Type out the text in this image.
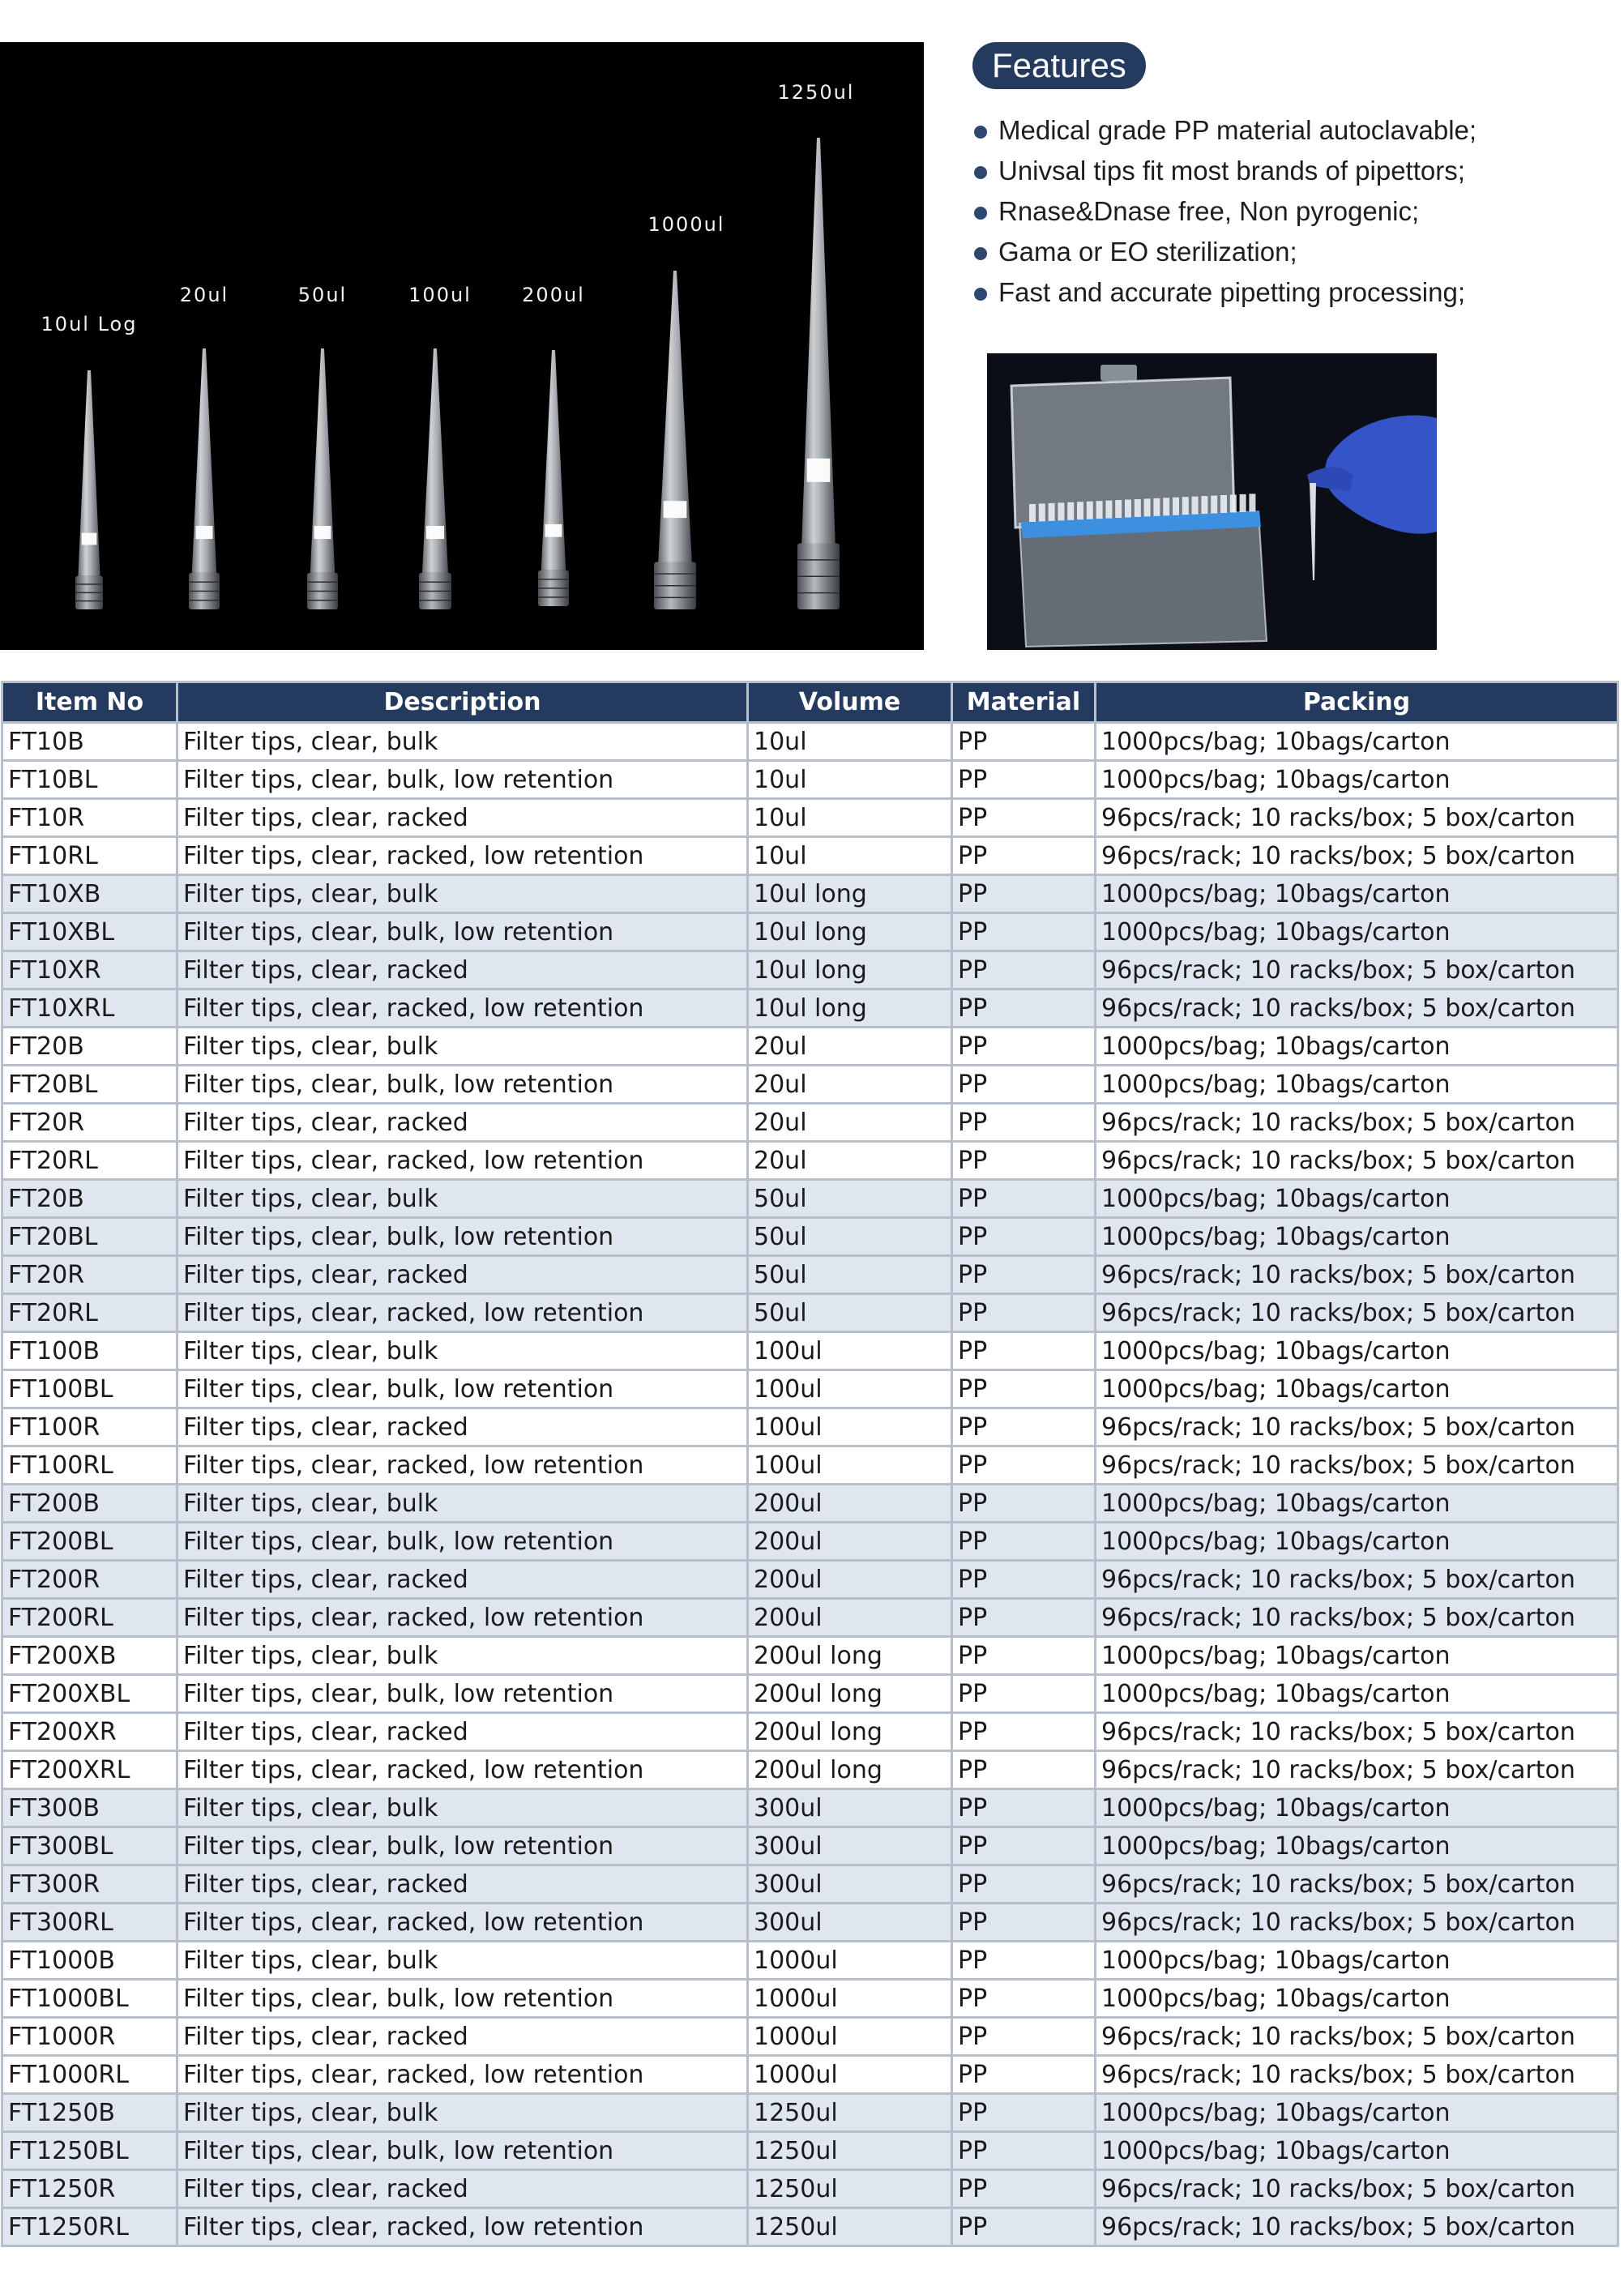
10ul Log
20ul	50ul	100ul	200ul
1000ul
1250ul
Features
Medical grade PP material autoclavable;
Univsal tips fit most brands of pipettors;
Rnase&Dnase free, Non pyrogenic;
Gama or EO sterilization;
Fast and accurate pipetting processing;
Item No	Description	Volume	Material	Packing
FT10B	Filter tips, clear, bulk	10ul	PP	1000pcs/bag; 10bags/carton
FT10BL	Filter tips, clear, bulk, low retention	10ul	PP	1000pcs/bag; 10bags/carton
FT10R	Filter tips, clear, racked	10ul	PP	96pcs/rack; 10 racks/box; 5 box/carton
FT10RL	Filter tips, clear, racked, low retention	10ul	PP	96pcs/rack; 10 racks/box; 5 box/carton
FT10XB	Filter tips, clear, bulk	10ul long	PP	1000pcs/bag; 10bags/carton
FT10XBL	Filter tips, clear, bulk, low retention	10ul long	PP	1000pcs/bag; 10bags/carton
FT10XR	Filter tips, clear, racked	10ul long	PP	96pcs/rack; 10 racks/box; 5 box/carton
FT10XRL	Filter tips, clear, racked, low retention	10ul long	PP	96pcs/rack; 10 racks/box; 5 box/carton
FT20B	Filter tips, clear, bulk	20ul	PP	1000pcs/bag; 10bags/carton
FT20BL	Filter tips, clear, bulk, low retention	20ul	PP	1000pcs/bag; 10bags/carton
FT20R	Filter tips, clear, racked	20ul	PP	96pcs/rack; 10 racks/box; 5 box/carton
FT20RL	Filter tips, clear, racked, low retention	20ul	PP	96pcs/rack; 10 racks/box; 5 box/carton
FT20B	Filter tips, clear, bulk	50ul	PP	1000pcs/bag; 10bags/carton
FT20BL	Filter tips, clear, bulk, low retention	50ul	PP	1000pcs/bag; 10bags/carton
FT20R	Filter tips, clear, racked	50ul	PP	96pcs/rack; 10 racks/box; 5 box/carton
FT20RL	Filter tips, clear, racked, low retention	50ul	PP	96pcs/rack; 10 racks/box; 5 box/carton
FT100B	Filter tips, clear, bulk	100ul	PP	1000pcs/bag; 10bags/carton
FT100BL	Filter tips, clear, bulk, low retention	100ul	PP	1000pcs/bag; 10bags/carton
FT100R	Filter tips, clear, racked	100ul	PP	96pcs/rack; 10 racks/box; 5 box/carton
FT100RL	Filter tips, clear, racked, low retention	100ul	PP	96pcs/rack; 10 racks/box; 5 box/carton
FT200B	Filter tips, clear, bulk	200ul	PP	1000pcs/bag; 10bags/carton
FT200BL	Filter tips, clear, bulk, low retention	200ul	PP	1000pcs/bag; 10bags/carton
FT200R	Filter tips, clear, racked	200ul	PP	96pcs/rack; 10 racks/box; 5 box/carton
FT200RL	Filter tips, clear, racked, low retention	200ul	PP	96pcs/rack; 10 racks/box; 5 box/carton
FT200XB	Filter tips, clear, bulk	200ul long	PP	1000pcs/bag; 10bags/carton
FT200XBL	Filter tips, clear, bulk, low retention	200ul long	PP	1000pcs/bag; 10bags/carton
FT200XR	Filter tips, clear, racked	200ul long	PP	96pcs/rack; 10 racks/box; 5 box/carton
FT200XRL	Filter tips, clear, racked, low retention	200ul long	PP	96pcs/rack; 10 racks/box; 5 box/carton
FT300B	Filter tips, clear, bulk	300ul	PP	1000pcs/bag; 10bags/carton
FT300BL	Filter tips, clear, bulk, low retention	300ul	PP	1000pcs/bag; 10bags/carton
FT300R	Filter tips, clear, racked	300ul	PP	96pcs/rack; 10 racks/box; 5 box/carton
FT300RL	Filter tips, clear, racked, low retention	300ul	PP	96pcs/rack; 10 racks/box; 5 box/carton
FT1000B	Filter tips, clear, bulk	1000ul	PP	1000pcs/bag; 10bags/carton
FT1000BL	Filter tips, clear, bulk, low retention	1000ul	PP	1000pcs/bag; 10bags/carton
FT1000R	Filter tips, clear, racked	1000ul	PP	96pcs/rack; 10 racks/box; 5 box/carton
FT1000RL	Filter tips, clear, racked, low retention	1000ul	PP	96pcs/rack; 10 racks/box; 5 box/carton
FT1250B	Filter tips, clear, bulk	1250ul	PP	1000pcs/bag; 10bags/carton
FT1250BL	Filter tips, clear, bulk, low retention	1250ul	PP	1000pcs/bag; 10bags/carton
FT1250R	Filter tips, clear, racked	1250ul	PP	96pcs/rack; 10 racks/box; 5 box/carton
FT1250RL	Filter tips, clear, racked, low retention	1250ul	PP	96pcs/rack; 10 racks/box; 5 box/carton
